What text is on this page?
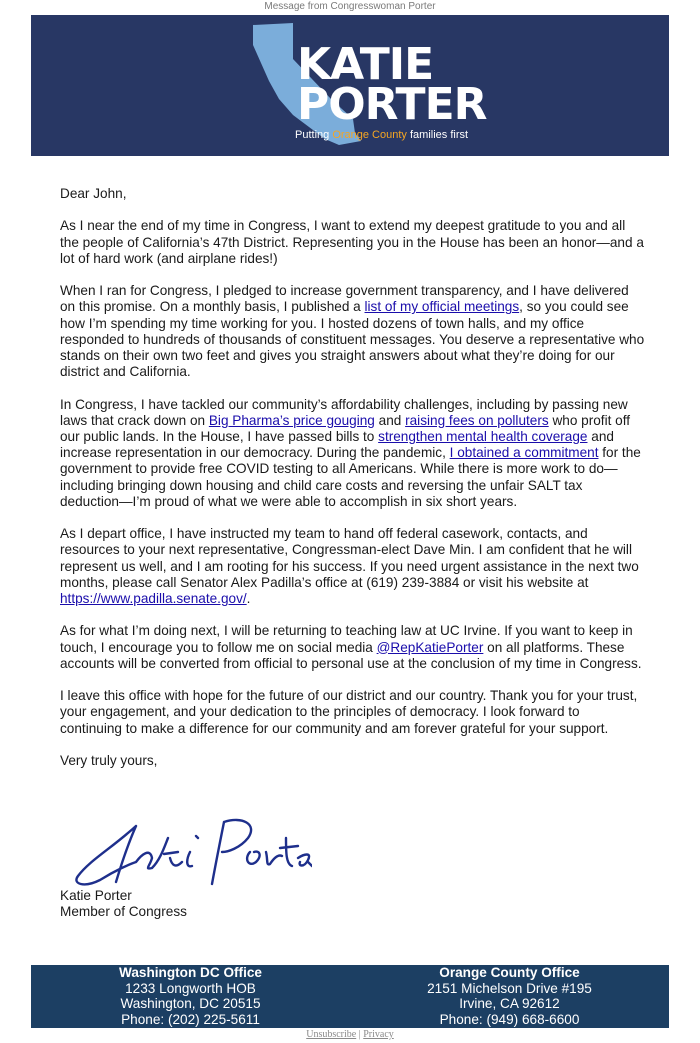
Message from Congresswoman Porter
KATIE
PORTER
Putting Orange County families first

Dear John,

As I near the end of my time in Congress, I want to extend my deepest gratitude to you and all the people of California’s 47th District. Representing you in the House has been an honor—and a lot of hard work (and airplane rides!)

When I ran for Congress, I pledged to increase government transparency, and I have delivered on this promise. On a monthly basis, I published a list of my official meetings, so you could see how I’m spending my time working for you. I hosted dozens of town halls, and my office responded to hundreds of thousands of constituent messages. You deserve a representative who stands on their own two feet and gives you straight answers about what they’re doing for our district and California.

In Congress, I have tackled our community’s affordability challenges, including by passing new laws that crack down on Big Pharma’s price gouging and raising fees on polluters who profit off our public lands. In the House, I have passed bills to strengthen mental health coverage and increase representation in our democracy. During the pandemic, I obtained a commitment for the government to provide free COVID testing to all Americans. While there is more work to do—including bringing down housing and child care costs and reversing the unfair SALT tax deduction—I’m proud of what we were able to accomplish in six short years.

As I depart office, I have instructed my team to hand off federal casework, contacts, and resources to your next representative, Congressman-elect Dave Min. I am confident that he will represent us well, and I am rooting for his success. If you need urgent assistance in the next two months, please call Senator Alex Padilla’s office at (619) 239-3884 or visit his website at https://www.padilla.senate.gov/.

As for what I’m doing next, I will be returning to teaching law at UC Irvine. If you want to keep in touch, I encourage you to follow me on social media @RepKatiePorter on all platforms. These accounts will be converted from official to personal use at the conclusion of my time in Congress.

I leave this office with hope for the future of our district and our country. Thank you for your trust, your engagement, and your dedication to the principles of democracy. I look forward to continuing to make a difference for our community and am forever grateful for your support.

Very truly yours,

Katie Porter
Member of Congress
Washington DC Office
1233 Longworth HOB
Washington, DC 20515
Phone: (202) 225-5611
Orange County Office
2151 Michelson Drive #195
Irvine, CA 92612
Phone: (949) 668-6600
Unsubscribe | Privacy
